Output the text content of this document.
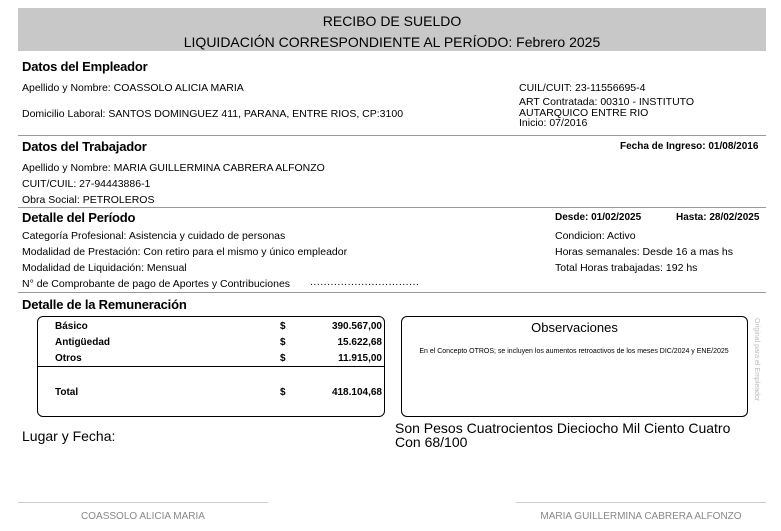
RECIBO DE SUELDO
LIQUIDACIÓN CORRESPONDIENTE AL PERÍODO: Febrero 2025
Datos del Empleador
Apellido y Nombre: COASSOLO ALICIA MARIA	CUIL/CUIT: 23-11556695-4
Domicilio Laboral: SANTOS DOMINGUEZ 411, PARANA, ENTRE RIOS, CP:3100
ART Contratada: 00310 - INSTITUTO
AUTARQUICO ENTRE RIO
Inicio: 07/2016
Datos del Trabajador	Fecha de Ingreso: 01/08/2016
Apellido y Nombre: MARIA GUILLERMINA CABRERA ALFONZO
CUIT/CUIL: 27-94443886-1
Obra Social: PETROLEROS
Detalle del Período	Desde: 01/02/2025	Hasta: 28/02/2025
Categoría Profesional: Asistencia y cuidado de personas	Condicion: Activo
Modalidad de Prestación: Con retiro para el mismo y único empleador	Horas semanales: Desde 16 a mas hs
Modalidad de Liquidación: Mensual	Total Horas trabajadas: 192 hs
N° de Comprobante de pago de Aportes y Contribuciones ................................
Detalle de la Remuneración
Básico	$	390.567,00
Antigüedad	$	15.622,68
Otros	$	11.915,00
Total	$	418.104,68
Observaciones
En el Concepto OTROS; se incluyen los aumentos retroactivos de los meses DIC/2024 y ENE/2025	Original para el Empleador
Lugar y Fecha:	Son Pesos Cuatrocientos Dieciocho Mil Ciento Cuatro Con 68/100
COASSOLO ALICIA MARIA	MARIA GUILLERMINA CABRERA ALFONZO
